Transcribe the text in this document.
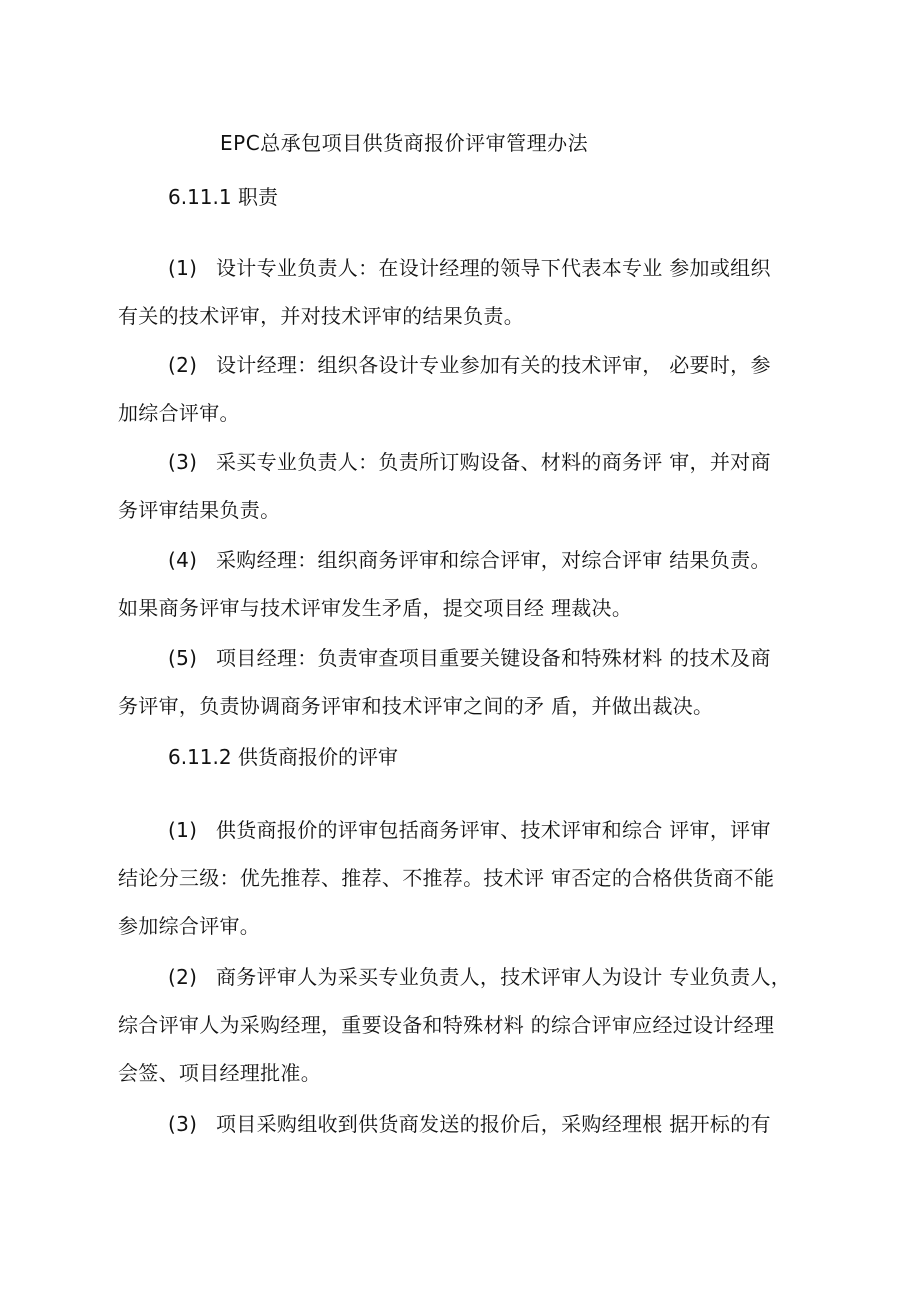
EPC总承包项目供货商报价评审管理办法
6.11.1 职责
(1) 设计专业负责人：在设计经理的领导下代表本专业 参加或组织
有关的技术评审，并对技术评审的结果负责。
(2) 设计经理：组织各设计专业参加有关的技术评审， 必要时，参
加综合评审。
(3) 采买专业负责人：负责所订购设备、材料的商务评 审，并对商
务评审结果负责。
(4) 采购经理：组织商务评审和综合评审，对综合评审 结果负责。
如果商务评审与技术评审发生矛盾，提交项目经 理裁决。
(5) 项目经理：负责审查项目重要关键设备和特殊材料 的技术及商
务评审，负责协调商务评审和技术评审之间的矛 盾，并做出裁决。
6.11.2 供货商报价的评审
(1) 供货商报价的评审包括商务评审、技术评审和综合 评审，评审
结论分三级：优先推荐、推荐、不推荐。技术评 审否定的合格供货商不能
参加综合评审。
(2) 商务评审人为采买专业负责人，技术评审人为设计 专业负责人，
综合评审人为采购经理，重要设备和特殊材料 的综合评审应经过设计经理
会签、项目经理批准。
(3) 项目采购组收到供货商发送的报价后，采购经理根 据开标的有
